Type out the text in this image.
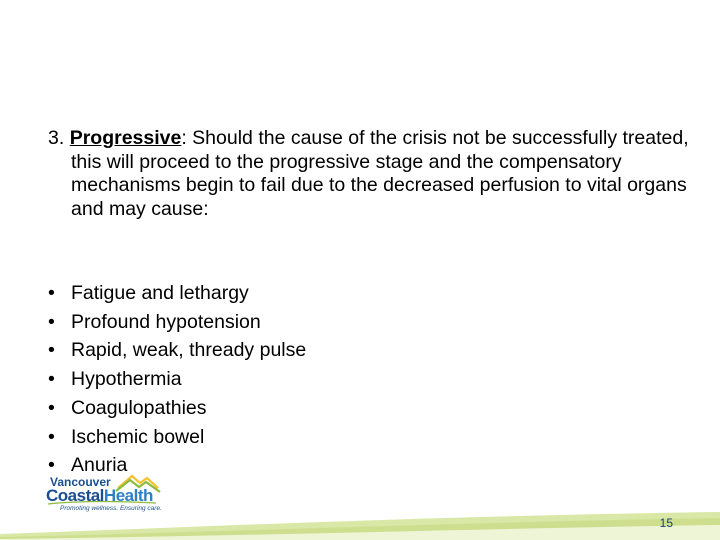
3. Progressive: Should the cause of the crisis not be successfully treated, this will proceed to the progressive stage and the compensatory mechanisms begin to fail due to the decreased perfusion to vital organs and may cause:
• Fatigue and lethargy
• Profound hypotension
• Rapid, weak, thready pulse
• Hypothermia
• Coagulopathies
• Ischemic bowel
• Anuria
Vancouver
CoastalHealth
Promoting wellness. Ensuring care.
15
